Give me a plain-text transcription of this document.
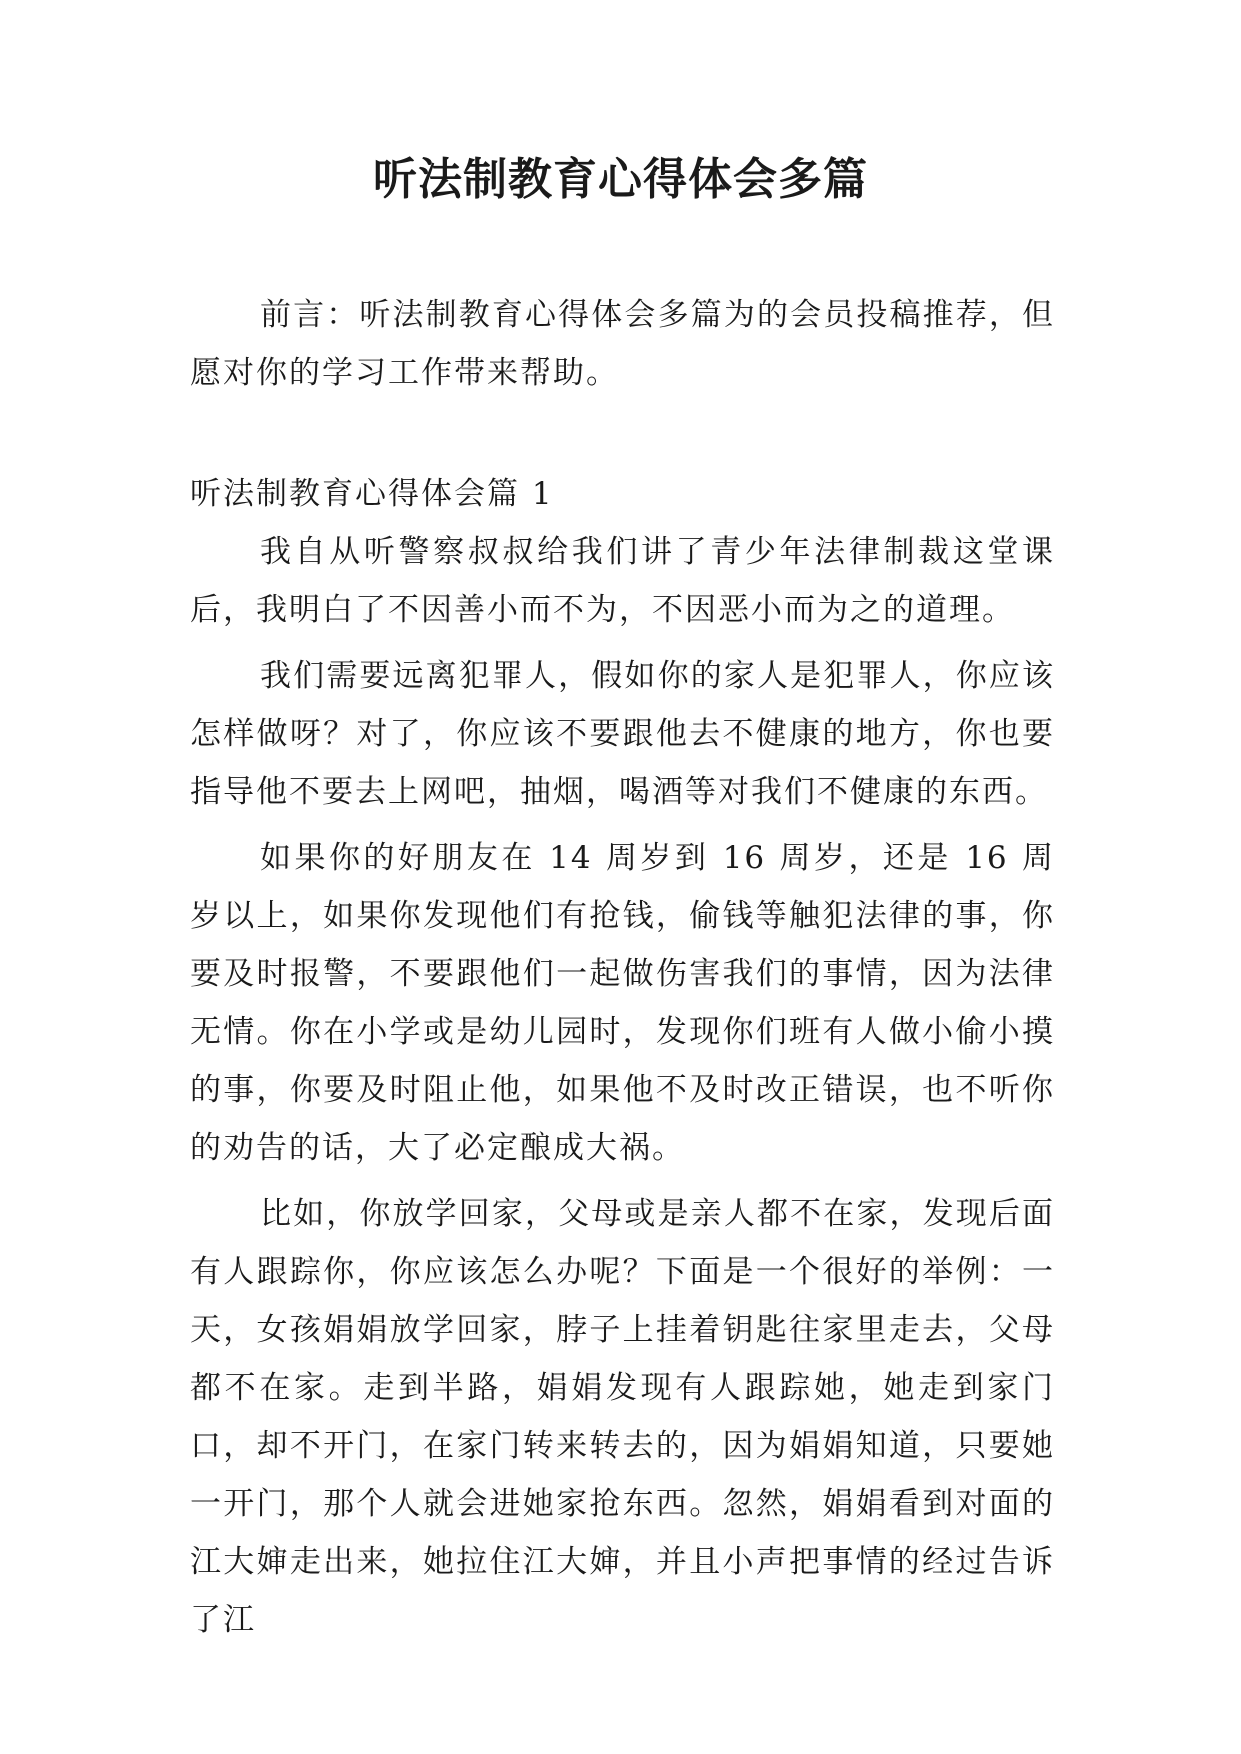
听法制教育心得体会多篇

前言：听法制教育心得体会多篇为的会员投稿推荐，但愿对你的学习工作带来帮助。

听法制教育心得体会篇 1

我自从听警察叔叔给我们讲了青少年法律制裁这堂课后，我明白了不因善小而不为，不因恶小而为之的道理。

我们需要远离犯罪人，假如你的家人是犯罪人，你应该怎样做呀？对了，你应该不要跟他去不健康的地方，你也要指导他不要去上网吧，抽烟，喝酒等对我们不健康的东西。

如果你的好朋友在 14 周岁到 16 周岁，还是 16 周岁以上，如果你发现他们有抢钱，偷钱等触犯法律的事，你要及时报警，不要跟他们一起做伤害我们的事情，因为法律无情。你在小学或是幼儿园时，发现你们班有人做小偷小摸的事，你要及时阻止他，如果他不及时改正错误，也不听你的劝告的话，大了必定酿成大祸。

比如，你放学回家，父母或是亲人都不在家，发现后面有人跟踪你，你应该怎么办呢？下面是一个很好的举例：一天，女孩娟娟放学回家，脖子上挂着钥匙往家里走去，父母都不在家。走到半路，娟娟发现有人跟踪她，她走到家门口，却不开门，在家门转来转去的，因为娟娟知道，只要她一开门，那个人就会进她家抢东西。忽然，娟娟看到对面的江大婶走出来，她拉住江大婶，并且小声把事情的经过告诉了江
